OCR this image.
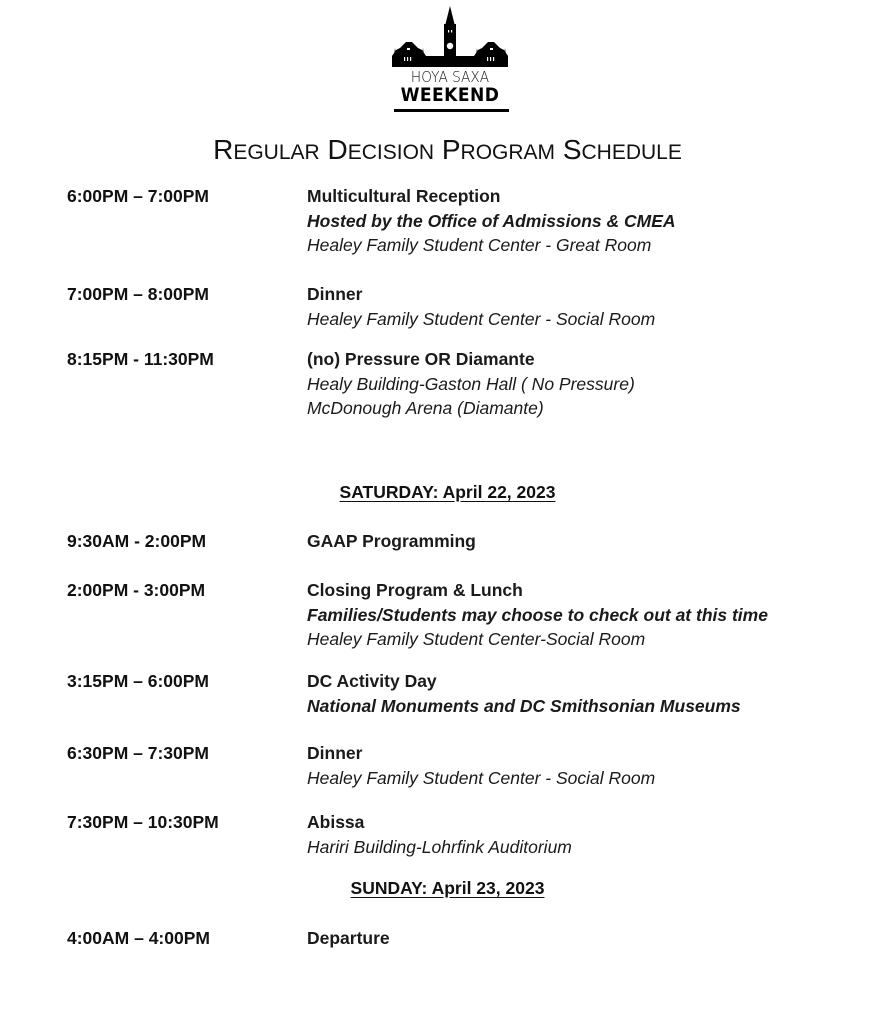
HOYA SAXA
WEEKEND
REGULAR DECISION PROGRAM SCHEDULE
6:00PM – 7:00PM	Multicultural Reception
Hosted by the Office of Admissions & CMEA
Healey Family Student Center - Great Room
7:00PM – 8:00PM	Dinner
Healey Family Student Center - Social Room
8:15PM - 11:30PM	(no) Pressure OR Diamante
Healy Building-Gaston Hall ( No Pressure)
McDonough Arena (Diamante)
SATURDAY: April 22, 2023
9:30AM - 2:00PM	GAAP Programming
2:00PM - 3:00PM	Closing Program & Lunch
Families/Students may choose to check out at this time
Healey Family Student Center-Social Room
3:15PM – 6:00PM	DC Activity Day
National Monuments and DC Smithsonian Museums
6:30PM – 7:30PM	Dinner
Healey Family Student Center - Social Room
7:30PM – 10:30PM	Abissa
Hariri Building-Lohrfink Auditorium
SUNDAY: April 23, 2023
4:00AM – 4:00PM	Departure
